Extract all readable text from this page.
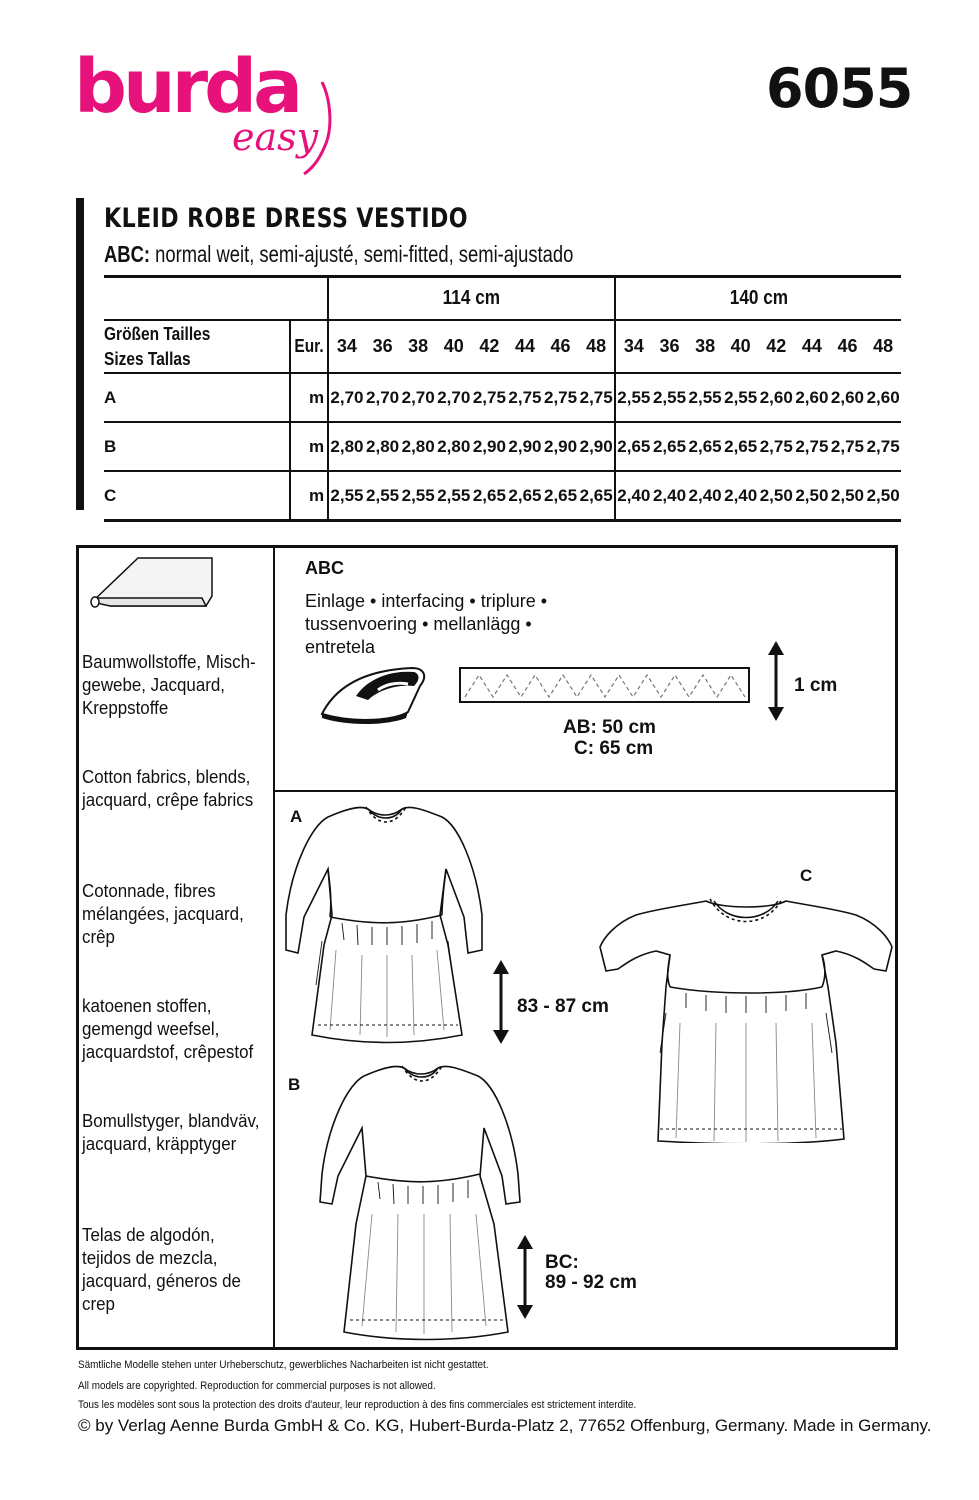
burda
easy
6055
KLEID ROBE DRESS VESTIDO
ABC: normal weit, semi-ajusté, semi-fitted, semi-ajustado
		114 cm								140 cm							
Größen Tailles
Sizes Tallas	Eur.	34	36	38	40	42	44	46	48	34	36	38	40	42	44	46	48
A	m	2,70	2,70	2,70	2,70	2,75	2,75	2,75	2,75	2,55	2,55	2,55	2,55	2,60	2,60	2,60	2,60
B	m	2,80	2,80	2,80	2,80	2,90	2,90	2,90	2,90	2,65	2,65	2,65	2,65	2,75	2,75	2,75	2,75
C	m	2,55	2,55	2,55	2,55	2,65	2,65	2,65	2,65	2,40	2,40	2,40	2,40	2,50	2,50	2,50	2,50
Baumwollstoffe, Misch-
gewebe, Jacquard,
Kreppstoffe
Cotton fabrics, blends,
jacquard, crêpe fabrics
Cotonnade, fibres
mélangées, jacquard,
crêp
katoenen stoffen,
gemengd weefsel,
jacquardstof, crêpestof
Bomullstyger, blandväv,
jacquard, kräpptyger
Telas de algodón,
tejidos de mezcla,
jacquard, géneros de
crep
ABC
Einlage • interfacing • triplure •
tussenvoering • mellanlägg •
entretela
1 cm
AB: 50 cm
C: 65 cm
A
C
B
83 - 87 cm
BC:
89 - 92 cm
Sämtliche Modelle stehen unter Urheberschutz, gewerbliches Nacharbeiten ist nicht gestattet.
All models are copyrighted. Reproduction for commercial purposes is not allowed.
Tous les modèles sont sous la protection des droits d'auteur, leur reproduction à des fins commerciales est strictement interdite.
© by Verlag Aenne Burda GmbH & Co. KG, Hubert-Burda-Platz 2, 77652 Offenburg, Germany. Made in Germany.
